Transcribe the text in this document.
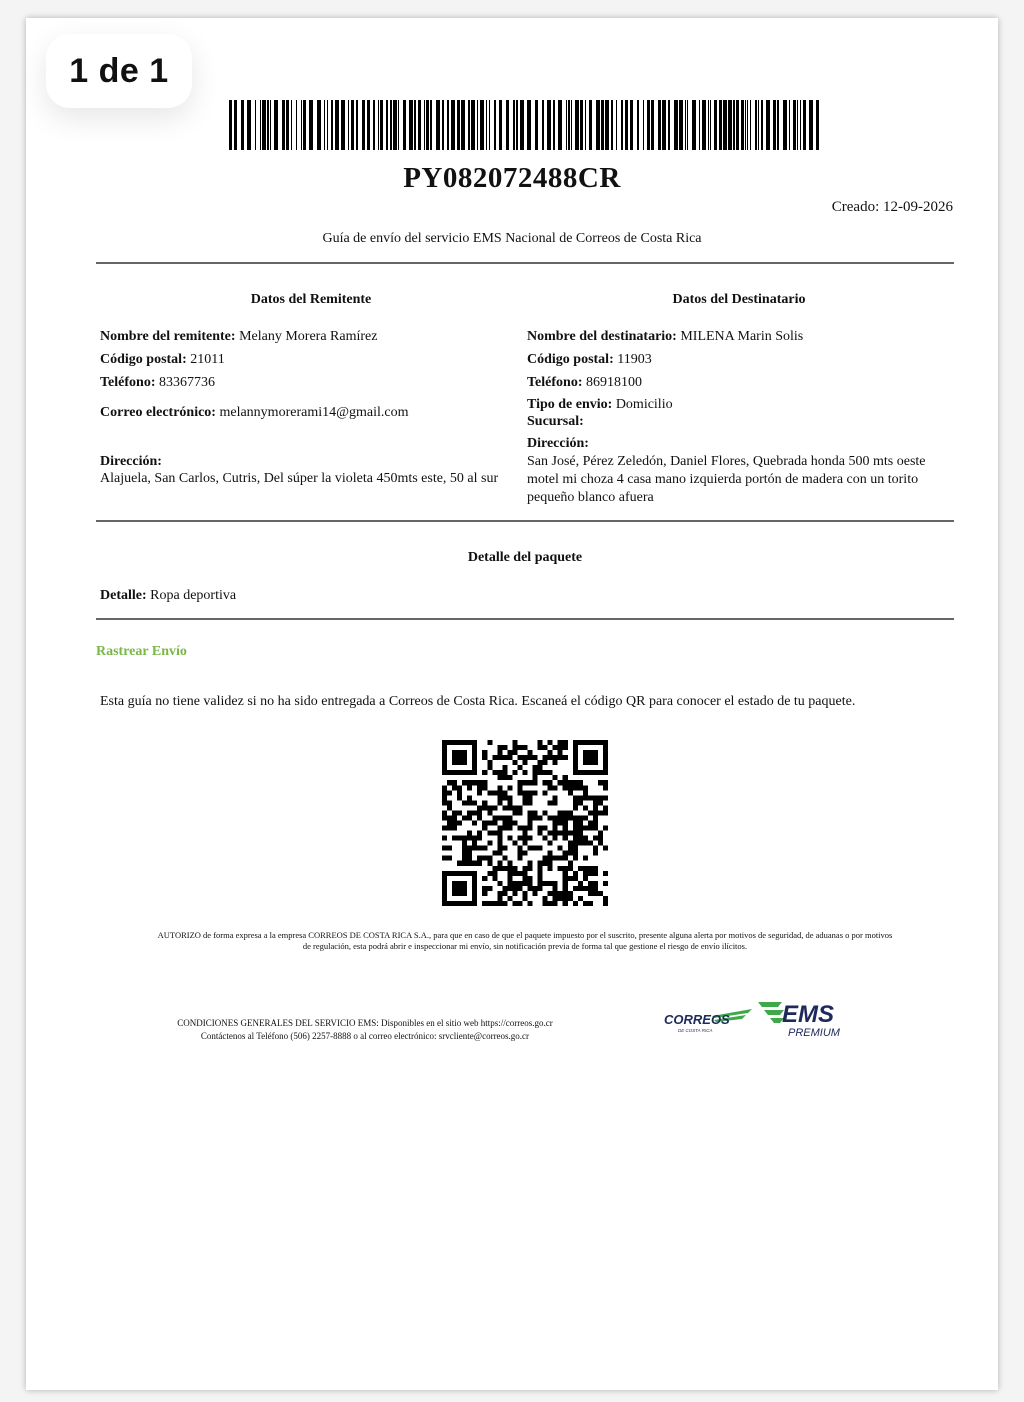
1 de 1
PY082072488CR
Creado: 12-09-2026
Guía de envío del servicio EMS Nacional de Correos de Costa Rica
Datos del Remitente
Nombre del remitente: Melany Morera Ramírez
Código postal: 21011
Teléfono: 83367736
Correo electrónico: melannymorerami14@gmail.com
Dirección:
Alajuela, San Carlos, Cutris, Del súper la violeta 450mts este, 50 al sur
Datos del Destinatario
Nombre del destinatario: MILENA Marin Solis
Código postal: 11903
Teléfono: 86918100
Tipo de envio: Domicilio
Sucursal:
Dirección:
San José, Pérez Zeledón, Daniel Flores, Quebrada honda 500 mts oeste
motel mi choza 4 casa mano izquierda portón de madera con un torito
pequeño blanco afuera
Detalle del paquete
Detalle: Ropa deportiva
Rastrear Envío
Esta guía no tiene validez si no ha sido entregada a Correos de Costa Rica. Escaneá el código QR para conocer el estado de tu paquete.
AUTORIZO de forma expresa a la empresa CORREOS DE COSTA RICA S.A., para que en caso de que el paquete impuesto por el suscrito, presente alguna alerta por motivos de seguridad, de aduanas o por motivos
de regulación, esta podrá abrir e inspeccionar mi envío, sin notificación previa de forma tal que gestione el riesgo de envío ilícitos.
CONDICIONES GENERALES DEL SERVICIO EMS: Disponibles en el sitio web https://correos.go.cr
Contáctenos al Teléfono (506) 2257-8888 o al correo electrónico: srvcliente@correos.go.cr
CORREOS
DE COSTA RICA
EMS
PREMIUM
